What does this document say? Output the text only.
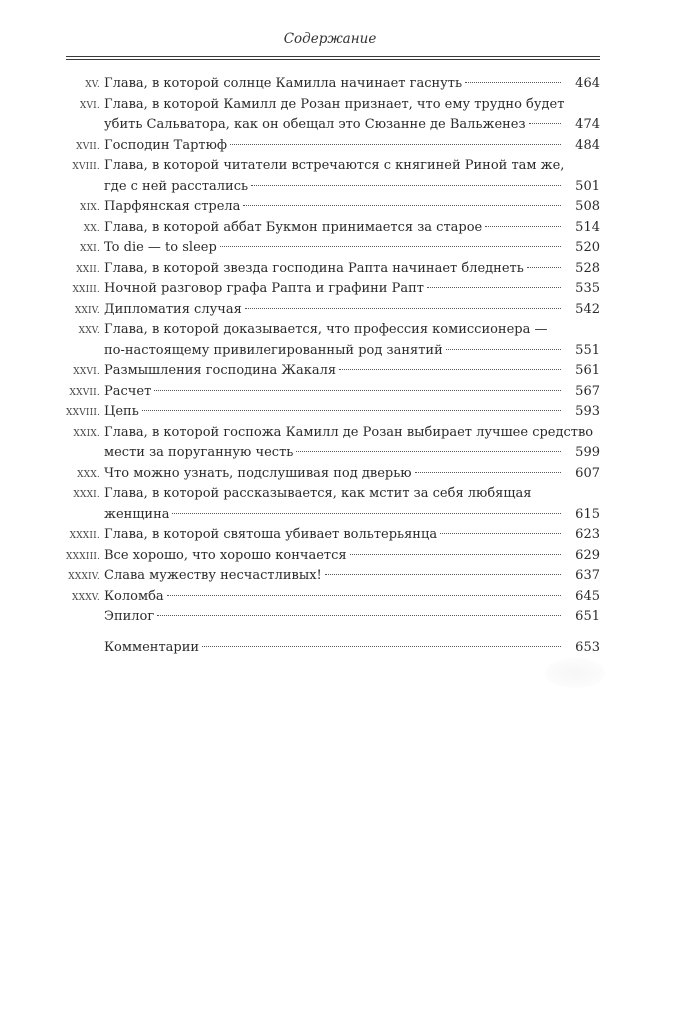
Содержание
XV. Глава, в которой солнце Камилла начинает гаснуть	464
XVI. Глава, в которой Камилл де Розан признает, что ему трудно будет
убить Сальватора, как он обещал это Сюзанне де Вальженез	474
XVII. Господин Тартюф	484
XVIII. Глава, в которой читатели встречаются с княгиней Риной там же,
где с ней расстались	501
XIX. Парфянская стрела	508
XX. Глава, в которой аббат Букмон принимается за старое	514
XXI. To die — to sleep	520
XXII. Глава, в которой звезда господина Рапта начинает бледнеть	528
XXIII. Ночной разговор графа Рапта и графини Рапт	535
XXIV. Дипломатия случая	542
XXV. Глава, в которой доказывается, что профессия комиссионера —
по-настоящему привилегированный род занятий	551
XXVI. Размышления господина Жакаля	561
XXVII. Расчет	567
XXVIII. Цепь	593
XXIX. Глава, в которой госпожа Камилл де Розан выбирает лучшее средство
мести за поруганную честь	599
XXX. Что можно узнать, подслушивая под дверью	607
XXXI. Глава, в которой рассказывается, как мстит за себя любящая
женщина	615
XXXII. Глава, в которой святоша убивает вольтерьянца	623
XXXIII. Все хорошо, что хорошо кончается	629
XXXIV. Слава мужеству несчастливых!	637
XXXV. Коломба	645
Эпилог	651
Комментарии	653
